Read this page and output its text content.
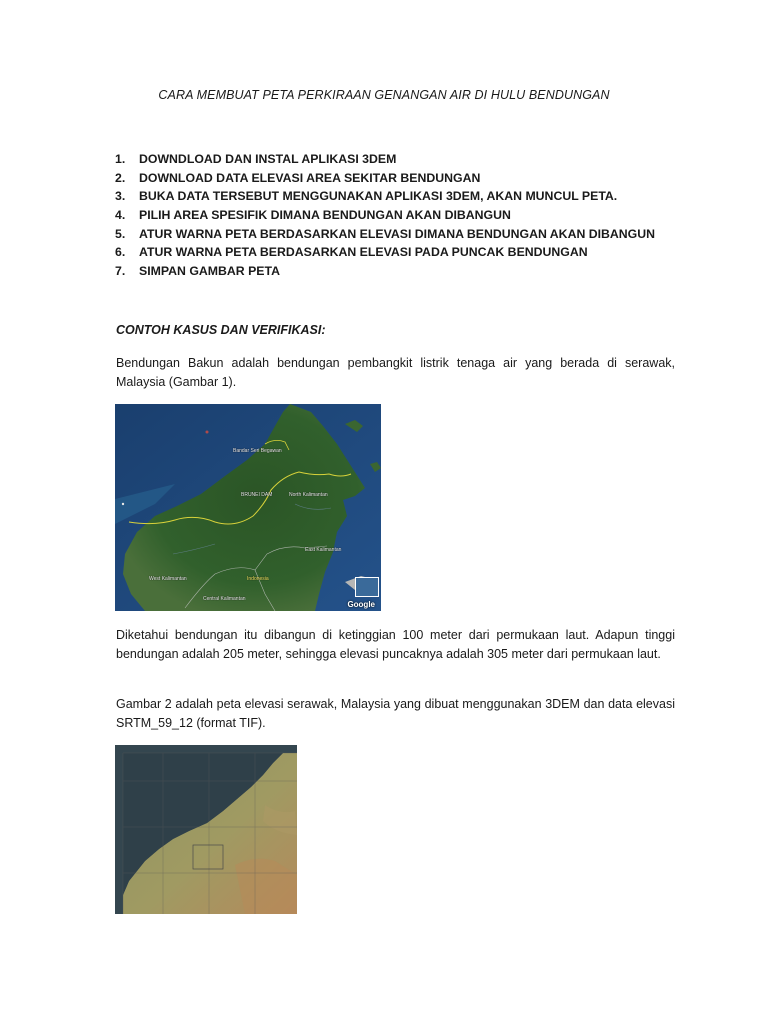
CARA MEMBUAT PETA PERKIRAAN GENANGAN AIR DI HULU BENDUNGAN
1.	DOWNDLOAD DAN INSTAL APLIKASI 3DEM
2.	DOWNLOAD DATA ELEVASI AREA SEKITAR BENDUNGAN
3.	BUKA DATA TERSEBUT MENGGUNAKAN APLIKASI 3DEM, AKAN MUNCUL PETA.
4.	PILIH AREA SPESIFIK DIMANA BENDUNGAN AKAN DIBANGUN
5.	ATUR WARNA PETA BERDASARKAN ELEVASI DIMANA BENDUNGAN AKAN DIBANGUN
6.	ATUR WARNA PETA BERDASARKAN ELEVASI PADA PUNCAK BENDUNGAN
7.	SIMPAN GAMBAR PETA
CONTOH KASUS DAN VERIFIKASI:

Bendungan Bakun adalah bendungan pembangkit listrik tenaga air yang berada di serawak, Malaysia (Gambar 1).

Bandar Seri Begawan
BRUNEI DAM	North Kalimantan
East Kalimantan
West Kalimantan	Indonesia
Central Kalimantan
Google

Diketahui bendungan itu dibangun di ketinggian 100 meter dari permukaan laut. Adapun tinggi bendungan adalah 205 meter, sehingga elevasi puncaknya adalah 305 meter dari permukaan laut.

Gambar 2 adalah peta elevasi serawak, Malaysia yang dibuat menggunakan 3DEM dan data elevasi SRTM_59_12 (format TIF).
